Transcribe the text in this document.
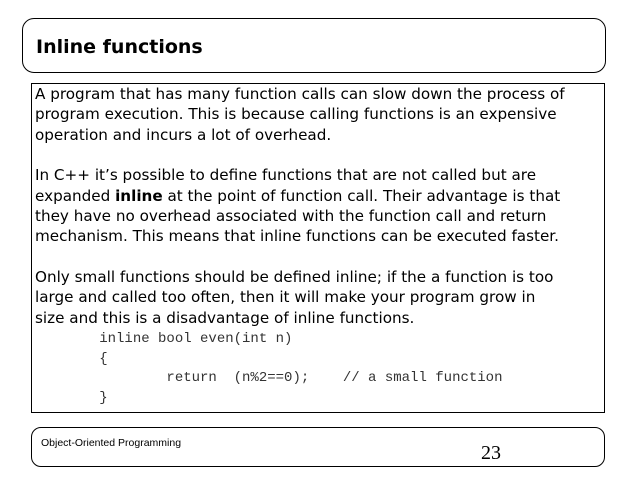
Inline functions

A program that has many function calls can slow down the process of
program execution. This is because calling functions is an expensive
operation and incurs a lot of overhead.

In C++ it’s possible to define functions that are not called but are
expanded inline at the point of function call. Their advantage is that
they have no overhead associated with the function call and return
mechanism. This means that inline functions can be executed faster.

Only small functions should be defined inline; if the a function is too
large and called too often, then it will make your program grow in
size and this is a disadvantage of inline functions.

inline bool even(int n)
{
return  (n%2==0);    // a small function
}

Object-Oriented Programming	23
